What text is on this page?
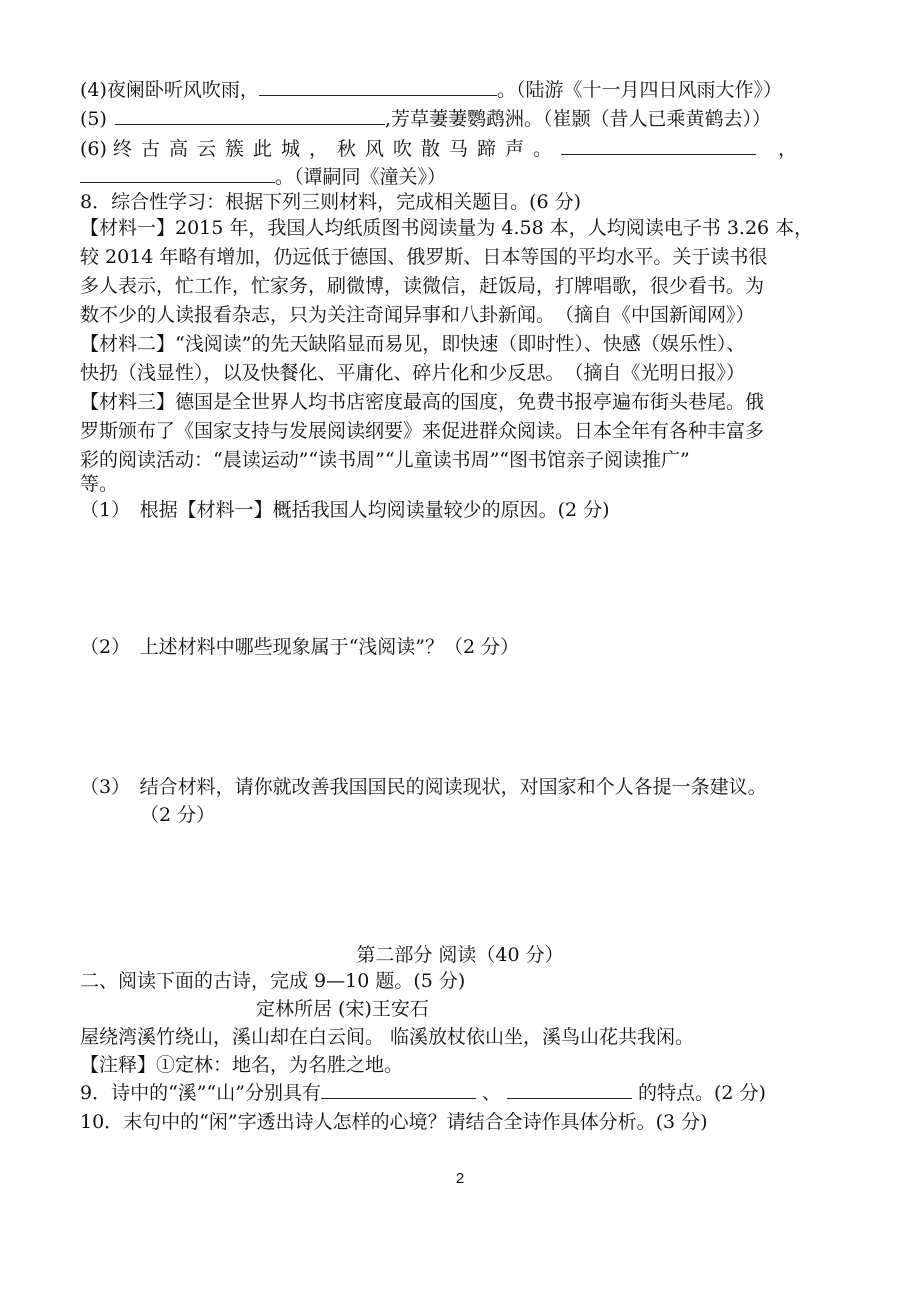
(4)夜阑卧听风吹雨，	。（陆游《十一月四日风雨大作》）
(5)	,芳草萋萋鹦鹉洲。（崔颢（昔人已乘黄鹤去））
(6) 终古高云簇此城，秋风吹散马蹄声。	，
。（谭嗣同《潼关》）
8．综合性学习：根据下列三则材料，完成相关题目。(6 分)
【材料一】2015 年，我国人均纸质图书阅读量为 4.58 本，人均阅读电子书 3.26 本，
较 2014 年略有增加，仍远低于德国、俄罗斯、日本等国的平均水平。关于读书很
多人表示，忙工作，忙家务，刷微博，读微信，赶饭局，打牌唱歌，很少看书。为
数不少的人读报看杂志，只为关注奇闻异事和八卦新闻。　（摘自《中国新闻网》）
【材料二】“浅阅读”的先天缺陷显而易见，即快速（即时性）、快感（娱乐性）、
快扔（浅显性），以及快餐化、平庸化、碎片化和少反思。　（摘自《光明日报》）
【材料三】德国是全世界人均书店密度最高的国度，免费书报亭遍布街头巷尾。俄
罗斯颁布了《国家支持与发展阅读纲要》来促进群众阅读。日本全年有各种丰富多
彩的阅读活动：“晨读运动”“读书周”“儿童读书周”“图书馆亲子阅读推广”
等。
（1）　根据【材料一】概括我国人均阅读量较少的原因。(2 分)
（2）　上述材料中哪些现象属于“浅阅读”？（2 分）
（3）　结合材料，请你就改善我国国民的阅读现状，对国家和个人各提一条建议。
（2 分）
第二部分 阅读（40 分）
二、阅读下面的古诗，完成 9—10 题。(5 分)
定林所居 (宋)王安石
屋绕湾溪竹绕山，溪山却在白云间。 临溪放杖依山坐，溪鸟山花共我闲。
【注释】①定林：地名，为名胜之地。
9．诗中的“溪”“山”分别具有	、	的特点。(2 分)
10．末句中的“闲”字透出诗人怎样的心境？请结合全诗作具体分析。(3 分)
2
